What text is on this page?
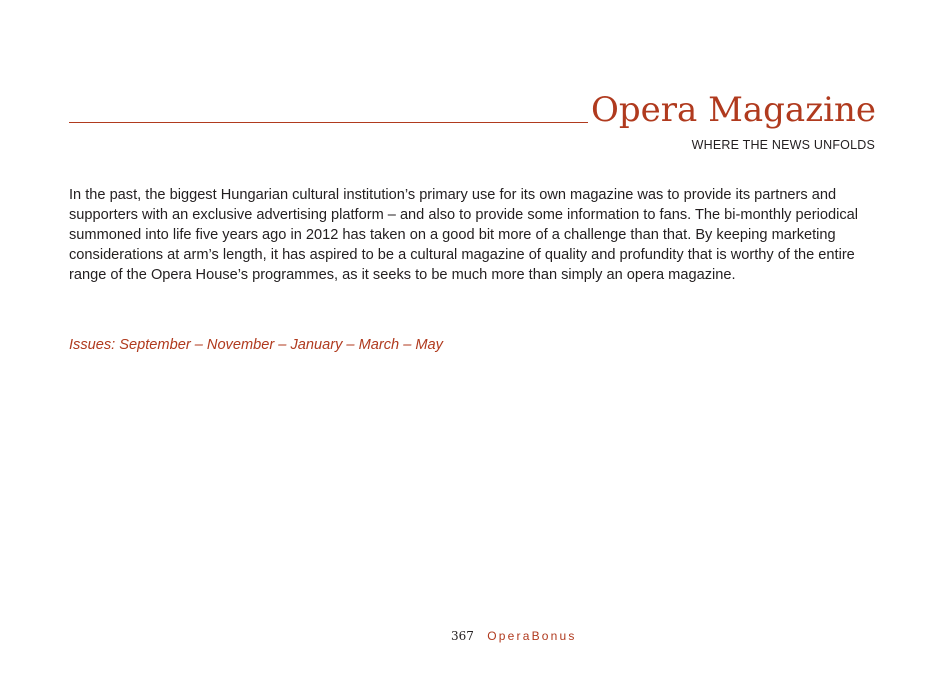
Opera Magazine
WHERE THE NEWS UNFOLDS

In the past, the biggest Hungarian cultural institution’s primary use for its own magazine was to provide its partners and supporters with an exclusive advertising platform – and also to provide some information to fans. The bi-monthly periodical summoned into life five years ago in 2012 has taken on a good bit more of a challenge than that. By keeping marketing considerations at arm’s length, it has aspired to be a cultural magazine of quality and profundity that is worthy of the entire range of the Opera House’s programmes, as it seeks to be much more than simply an opera magazine.

Issues: September – November – January – March – May

367 OperaBonus
